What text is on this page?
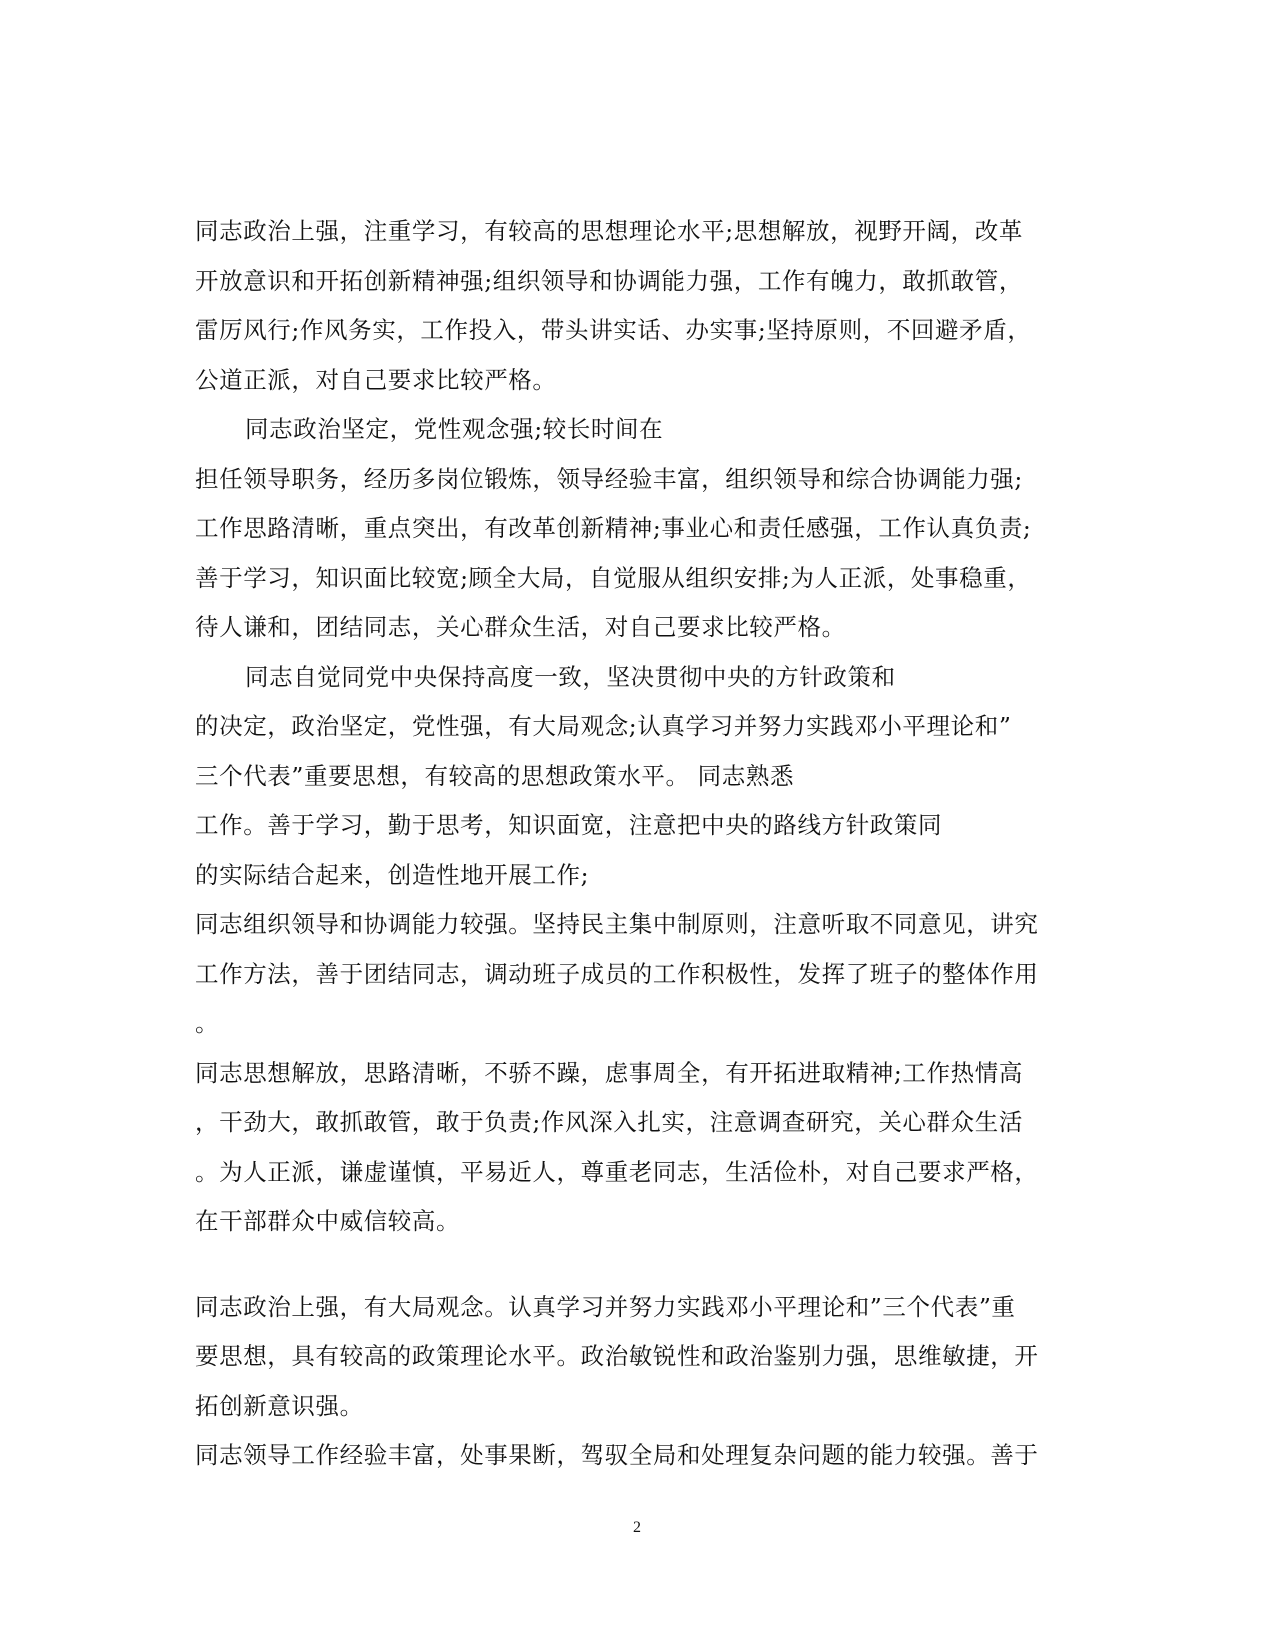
同志政治上强，注重学习，有较高的思想理论水平;思想解放，视野开阔，改革
开放意识和开拓创新精神强;组织领导和协调能力强，工作有魄力，敢抓敢管，
雷厉风行;作风务实，工作投入，带头讲实话、办实事;坚持原则，不回避矛盾，
公道正派，对自己要求比较严格。
同志政治坚定，党性观念强;较长时间在
担任领导职务，经历多岗位锻炼，领导经验丰富，组织领导和综合协调能力强;
工作思路清晰，重点突出，有改革创新精神;事业心和责任感强，工作认真负责;
善于学习，知识面比较宽;顾全大局，自觉服从组织安排;为人正派，处事稳重，
待人谦和，团结同志，关心群众生活，对自己要求比较严格。
同志自觉同党中央保持高度一致，坚决贯彻中央的方针政策和
的决定，政治坚定，党性强，有大局观念;认真学习并努力实践邓小平理论和”
三个代表”重要思想，有较高的思想政策水平。 同志熟悉
工作。善于学习，勤于思考，知识面宽，注意把中央的路线方针政策同
的实际结合起来，创造性地开展工作;
同志组织领导和协调能力较强。坚持民主集中制原则，注意听取不同意见，讲究
工作方法，善于团结同志，调动班子成员的工作积极性，发挥了班子的整体作用
。
同志思想解放，思路清晰，不骄不躁，虑事周全，有开拓进取精神;工作热情高
，干劲大，敢抓敢管，敢于负责;作风深入扎实，注意调查研究，关心群众生活
。为人正派，谦虚谨慎，平易近人，尊重老同志，生活俭朴，对自己要求严格，
在干部群众中威信较高。
同志政治上强，有大局观念。认真学习并努力实践邓小平理论和”三个代表”重
要思想，具有较高的政策理论水平。政治敏锐性和政治鉴别力强，思维敏捷，开
拓创新意识强。
同志领导工作经验丰富，处事果断，驾驭全局和处理复杂问题的能力较强。善于
2
